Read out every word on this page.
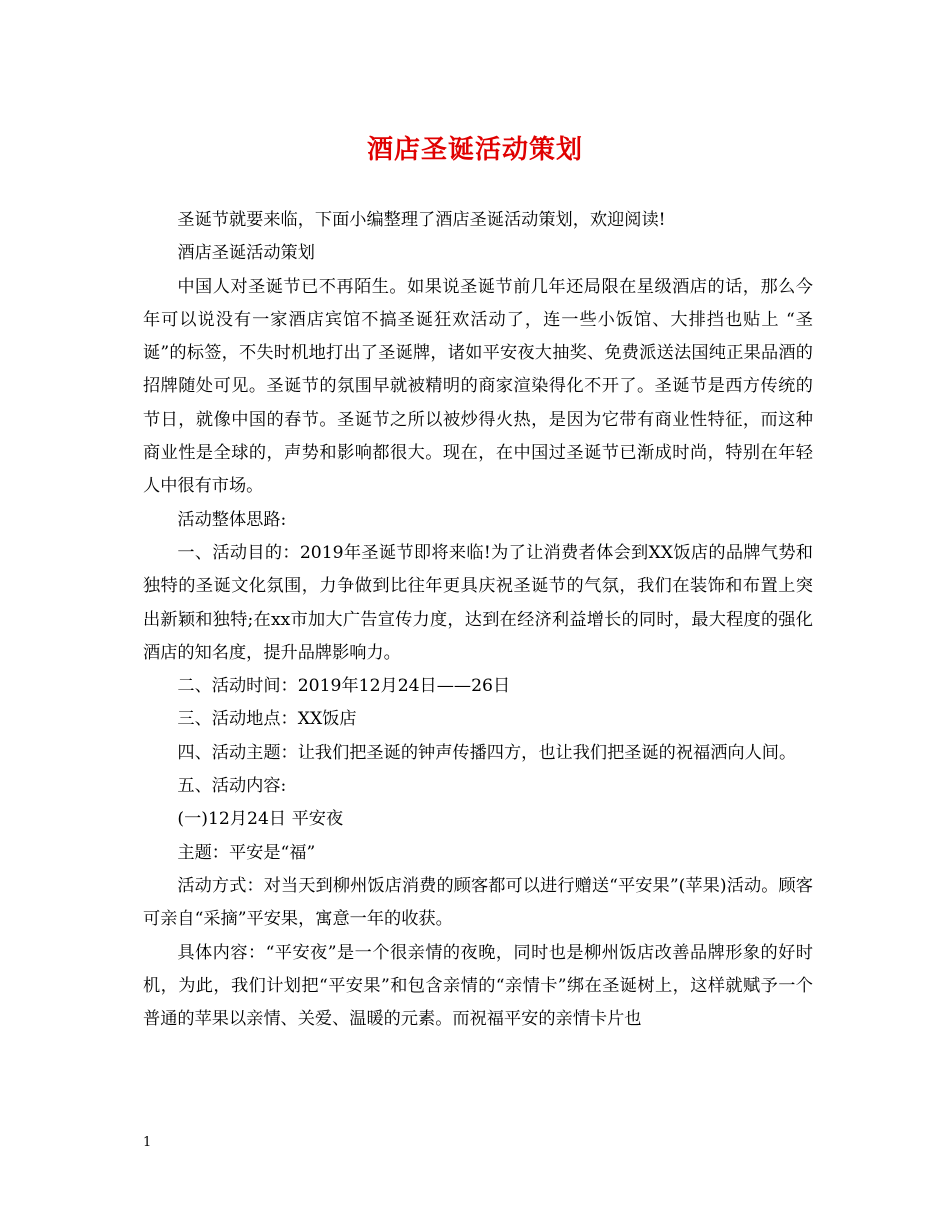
酒店圣诞活动策划

圣诞节就要来临，下面小编整理了酒店圣诞活动策划，欢迎阅读!

酒店圣诞活动策划

中国人对圣诞节已不再陌生。如果说圣诞节前几年还局限在星级酒店的话，那么今年可以说没有一家酒店宾馆不搞圣诞狂欢活动了，连一些小饭馆、大排挡也贴上 “圣诞”的标签，不失时机地打出了圣诞牌，诸如平安夜大抽奖、免费派送法国纯正果品酒的招牌随处可见。圣诞节的氛围早就被精明的商家渲染得化不开了。圣诞节是西方传统的节日，就像中国的春节。圣诞节之所以被炒得火热，是因为它带有商业性特征，而这种商业性是全球的，声势和影响都很大。现在，在中国过圣诞节已渐成时尚，特别在年轻人中很有市场。

活动整体思路:

一、活动目的：2019年圣诞节即将来临!为了让消费者体会到XX饭店的品牌气势和独特的圣诞文化氛围，力争做到比往年更具庆祝圣诞节的气氛，我们在装饰和布置上突出新颖和独特;在xx市加大广告宣传力度，达到在经济利益增长的同时，最大程度的强化酒店的知名度，提升品牌影响力。

二、活动时间：2019年12月24日——26日

三、活动地点：XX饭店

四、活动主题：让我们把圣诞的钟声传播四方，也让我们把圣诞的祝福洒向人间。

五、活动内容:

(一)12月24日 平安夜

主题：平安是“福”

活动方式：对当天到柳州饭店消费的顾客都可以进行赠送“平安果”(苹果)活动。顾客可亲自“采摘”平安果，寓意一年的收获。

具体内容：“平安夜”是一个很亲情的夜晚，同时也是柳州饭店改善品牌形象的好时机，为此，我们计划把“平安果”和包含亲情的“亲情卡”绑在圣诞树上，这样就赋予一个普通的苹果以亲情、关爱、温暖的元素。而祝福平安的亲情卡片也

1
